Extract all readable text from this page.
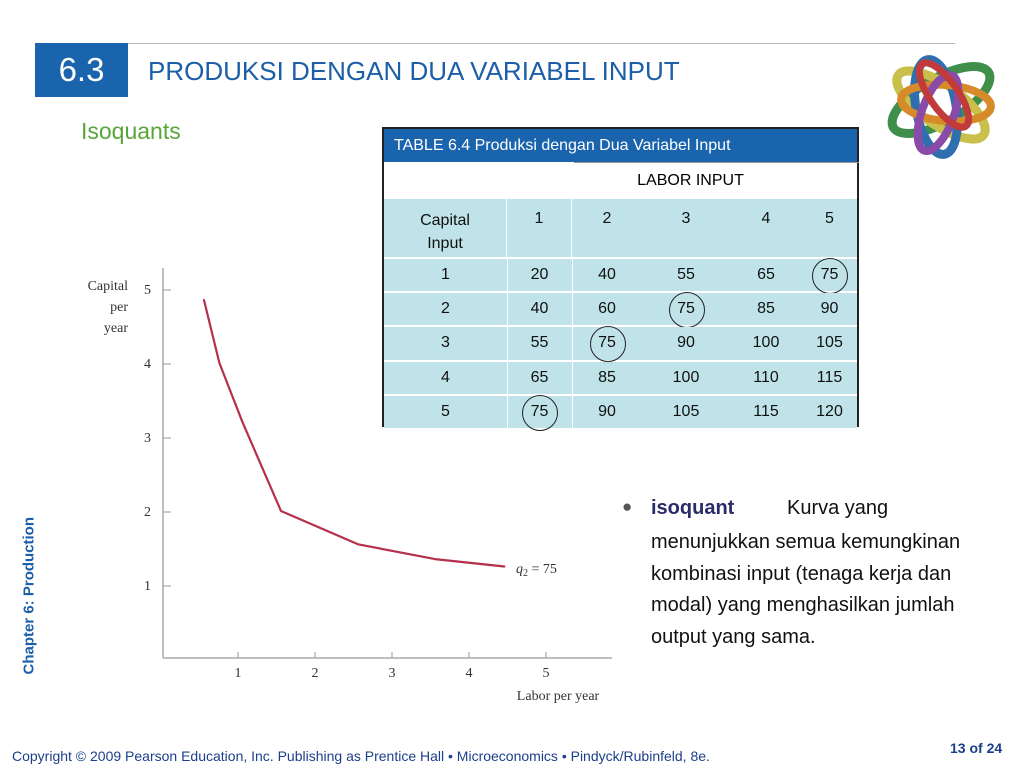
6.3	PRODUKSI DENGAN DUA VARIABEL INPUT
Isoquants
Chapter 6: Production
TABLE 6.4 Produksi dengan Dua Variabel Input
LABOR INPUT
Capital
Input
1	2	3	4	5
1	20	40	55	65	75
2	40	60	75	85	90
3	55	75	90	100 105
4	65	85	100	110 115
5	75	90	105	115 120
1
2
3
4
5
1	2	3	4	5
Capital
per
year
Labor per year
$q_2 = 75$
● isoquant	Kurva yang
menunjukkan semua kemungkinan kombinasi input (tenaga kerja dan modal) yang menghasilkan jumlah output yang sama.
Copyright © 2009 Pearson Education, Inc. Publishing as Prentice Hall • Microeconomics • Pindyck/Rubinfeld, 8e.	13 of 24
